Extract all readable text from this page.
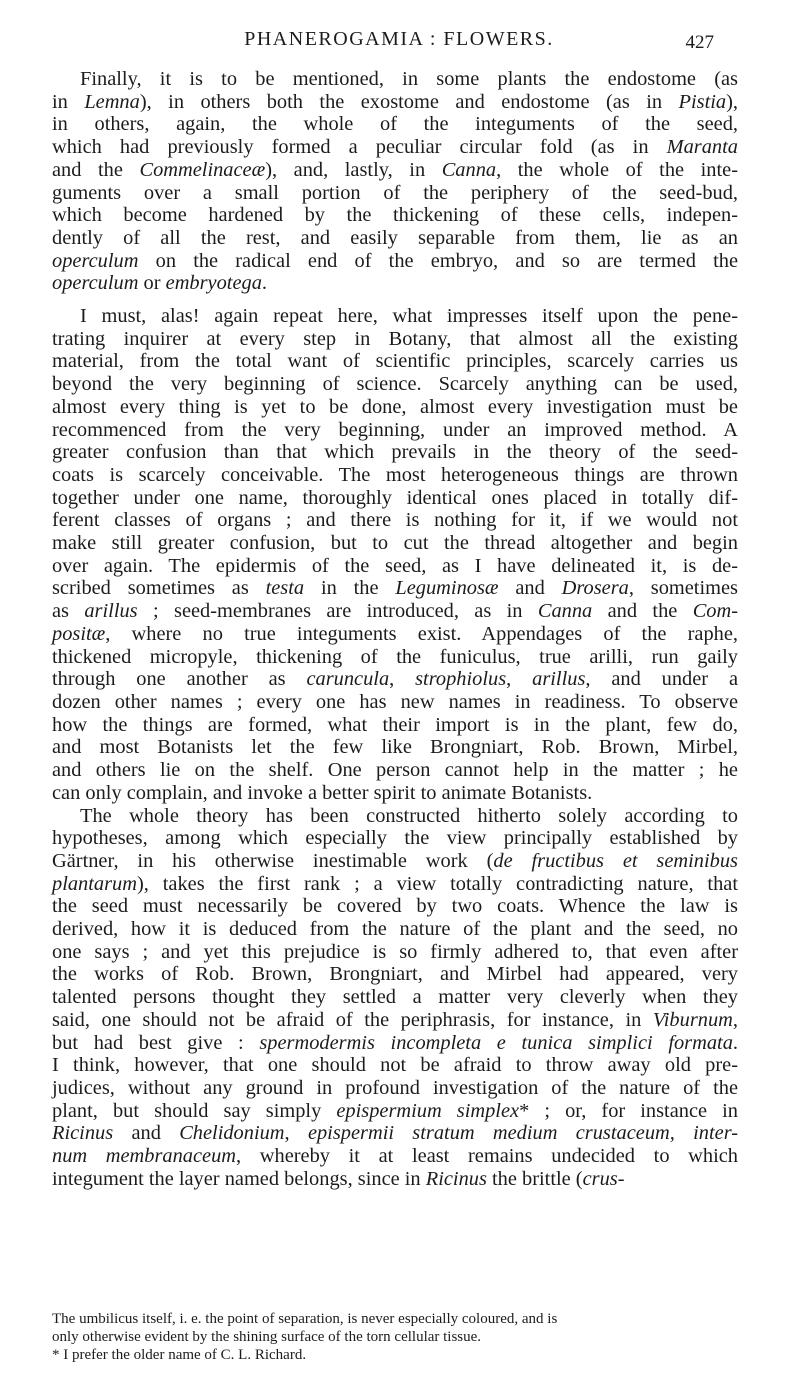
PHANEROGAMIA : FLOWERS.	427
Finally, it is to be mentioned, in some plants the endostome (as
in Lemna), in others both the exostome and endostome (as in Pistia),
in others, again, the whole of the integuments of the seed,
which had previously formed a peculiar circular fold (as in Maranta
and the Commelinaceæ), and, lastly, in Canna, the whole of the inte-
guments over a small portion of the periphery of the seed-bud,
which become hardened by the thickening of these cells, indepen-
dently of all the rest, and easily separable from them, lie as an
operculum on the radical end of the embryo, and so are termed the
operculum or embryotega.
I must, alas! again repeat here, what impresses itself upon the pene-
trating inquirer at every step in Botany, that almost all the existing
material, from the total want of scientific principles, scarcely carries us
beyond the very beginning of science. Scarcely anything can be used,
almost every thing is yet to be done, almost every investigation must be
recommenced from the very beginning, under an improved method. A
greater confusion than that which prevails in the theory of the seed-
coats is scarcely conceivable. The most heterogeneous things are thrown
together under one name, thoroughly identical ones placed in totally dif-
ferent classes of organs ; and there is nothing for it, if we would not
make still greater confusion, but to cut the thread altogether and begin
over again. The epidermis of the seed, as I have delineated it, is de-
scribed sometimes as testa in the Leguminosæ and Drosera, sometimes
as arillus ; seed-membranes are introduced, as in Canna and the Com-
positæ, where no true integuments exist. Appendages of the raphe,
thickened micropyle, thickening of the funiculus, true arilli, run gaily
through one another as caruncula, strophiolus, arillus, and under a
dozen other names ; every one has new names in readiness. To observe
how the things are formed, what their import is in the plant, few do,
and most Botanists let the few like Brongniart, Rob. Brown, Mirbel,
and others lie on the shelf. One person cannot help in the matter ; he
can only complain, and invoke a better spirit to animate Botanists.
The whole theory has been constructed hitherto solely according to
hypotheses, among which especially the view principally established by
Gärtner, in his otherwise inestimable work (de fructibus et seminibus
plantarum), takes the first rank ; a view totally contradicting nature, that
the seed must necessarily be covered by two coats. Whence the law is
derived, how it is deduced from the nature of the plant and the seed, no
one says ; and yet this prejudice is so firmly adhered to, that even after
the works of Rob. Brown, Brongniart, and Mirbel had appeared, very
talented persons thought they settled a matter very cleverly when they
said, one should not be afraid of the periphrasis, for instance, in Viburnum,
but had best give : spermodermis incompleta e tunica simplici formata.
I think, however, that one should not be afraid to throw away old pre-
judices, without any ground in profound investigation of the nature of the
plant, but should say simply epispermium simplex* ; or, for instance in
Ricinus and Chelidonium, epispermii stratum medium crustaceum, inter-
num membranaceum, whereby it at least remains undecided to which
integument the layer named belongs, since in Ricinus the brittle (crus-
The umbilicus itself, i. e. the point of separation, is never especially coloured, and is
only otherwise evident by the shining surface of the torn cellular tissue.
* I prefer the older name of C. L. Richard.
